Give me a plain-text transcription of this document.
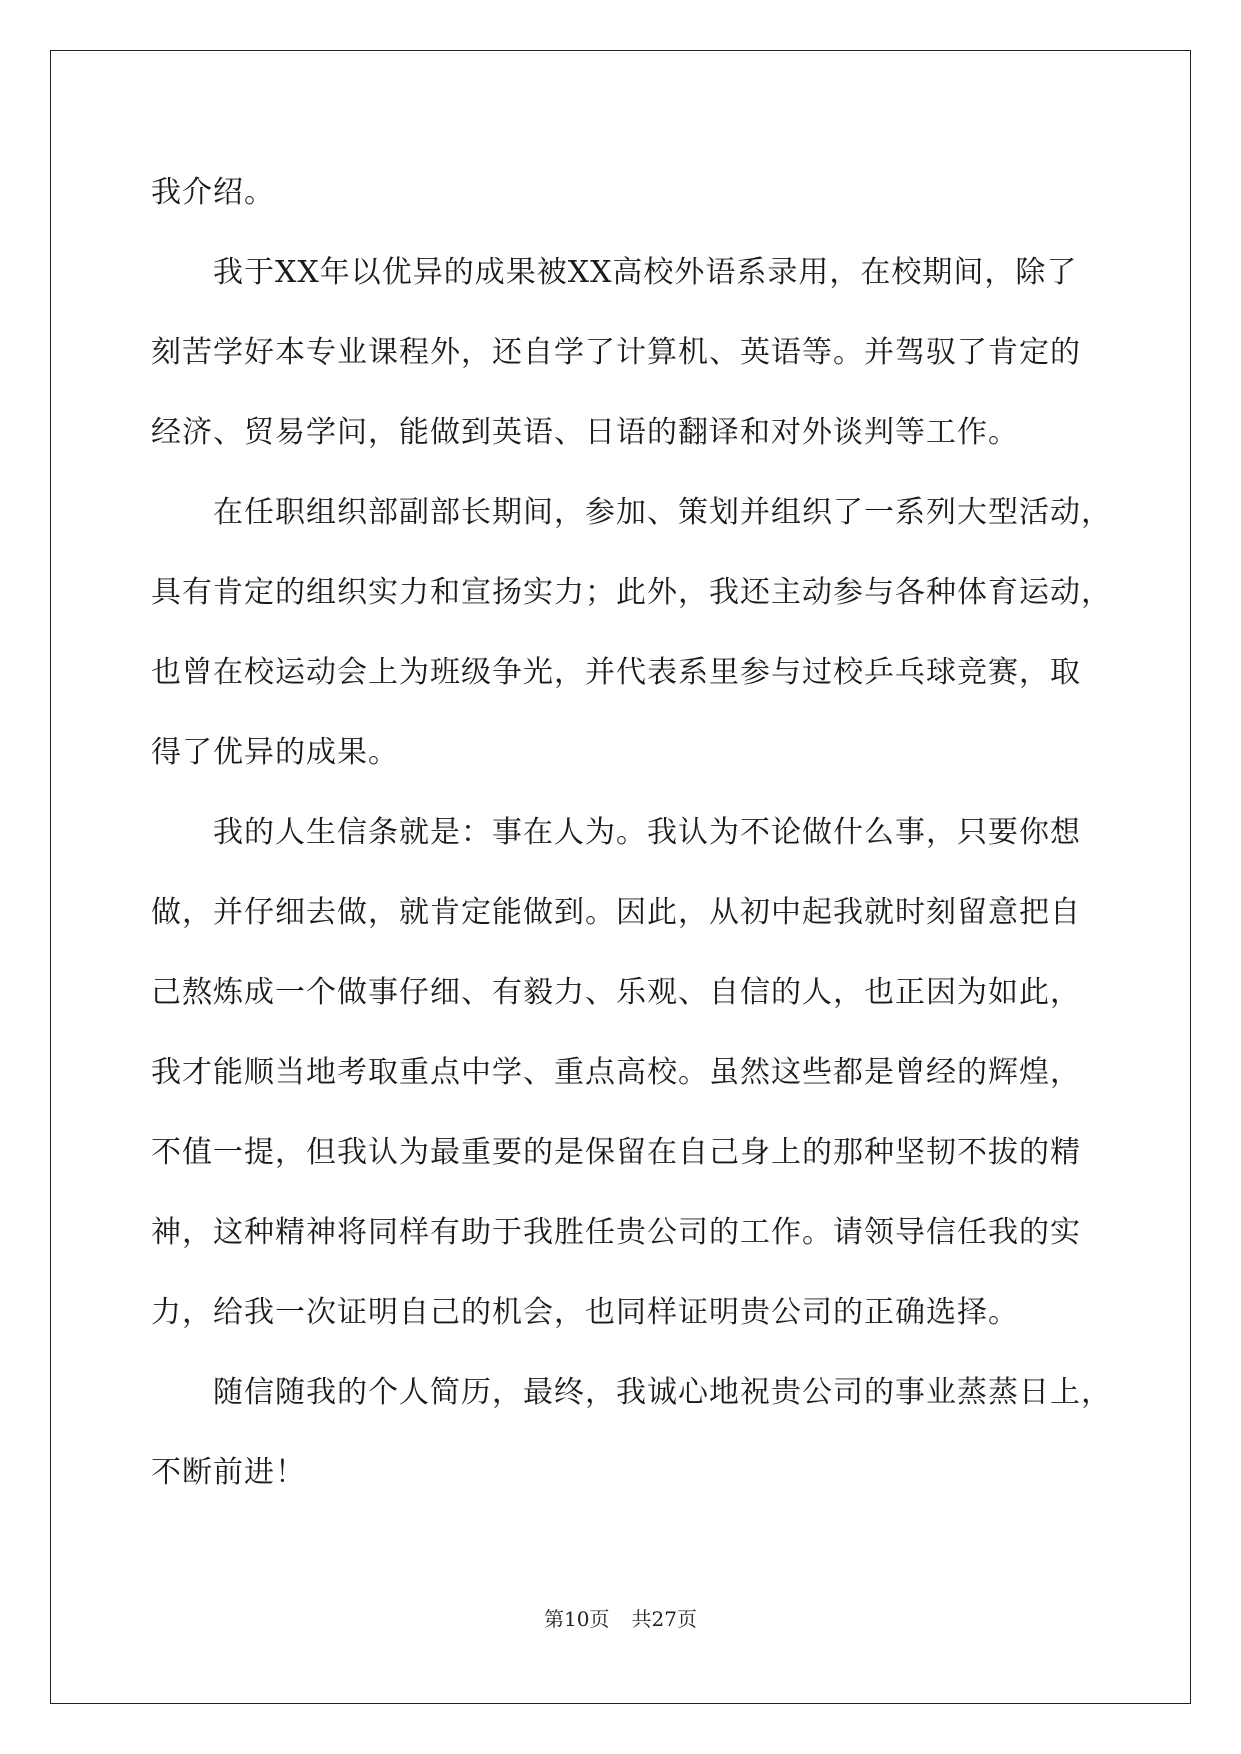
我介绍。
　　我于XX年以优异的成果被XX高校外语系录用，在校期间，除了
刻苦学好本专业课程外，还自学了计算机、英语等。并驾驭了肯定的
经济、贸易学问，能做到英语、日语的翻译和对外谈判等工作。
　　在任职组织部副部长期间，参加、策划并组织了一系列大型活动，
具有肯定的组织实力和宣扬实力；此外，我还主动参与各种体育运动，
也曾在校运动会上为班级争光，并代表系里参与过校乒乓球竞赛，取
得了优异的成果。
　　我的人生信条就是：事在人为。我认为不论做什么事，只要你想
做，并仔细去做，就肯定能做到。因此，从初中起我就时刻留意把自
己熬炼成一个做事仔细、有毅力、乐观、自信的人，也正因为如此，
我才能顺当地考取重点中学、重点高校。虽然这些都是曾经的辉煌，
不值一提，但我认为最重要的是保留在自己身上的那种坚韧不拔的精
神，这种精神将同样有助于我胜任贵公司的工作。请领导信任我的实
力，给我一次证明自己的机会，也同样证明贵公司的正确选择。
　　随信随我的个人简历，最终，我诚心地祝贵公司的事业蒸蒸日上，
不断前进！
第10页 共27页
